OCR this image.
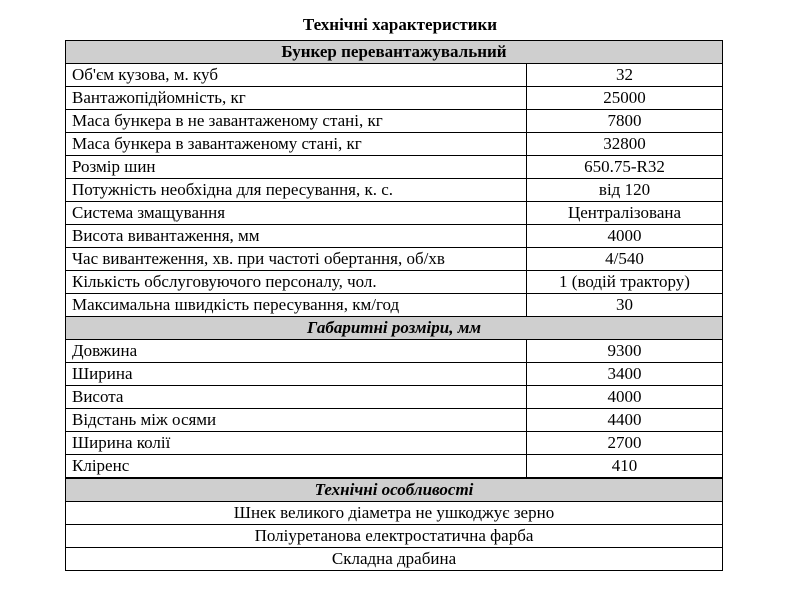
Технічні характеристики
Бункер перевантажувальний	
Об'єм кузова, м. куб	32
Вантажопідйомність, кг	25000
Маса бункера в не завантаженому стані, кг	7800
Маса бункера в завантаженому стані, кг	32800
Розмір шин	650.75-R32
Потужність необхідна для пересування, к. с.	від 120
Система змащування	Централізована
Висота вивантаження, мм	4000
Час вивантеження, хв. при частоті обертання, об/хв	4/540
Кількість обслуговуючого персоналу, чол.	1 (водій трактору)
Максимальна швидкість пересування, км/год	30
Габаритні розміри, мм	
Довжина	9300
Ширина	3400
Висота	4000
Відстань між осями	4400
Ширина колії	2700
Кліренс	410
Технічні особливості	
Шнек великого діаметра не ушкоджує зерно	
Поліуретанова електростатична фарба	
Складна драбина	
